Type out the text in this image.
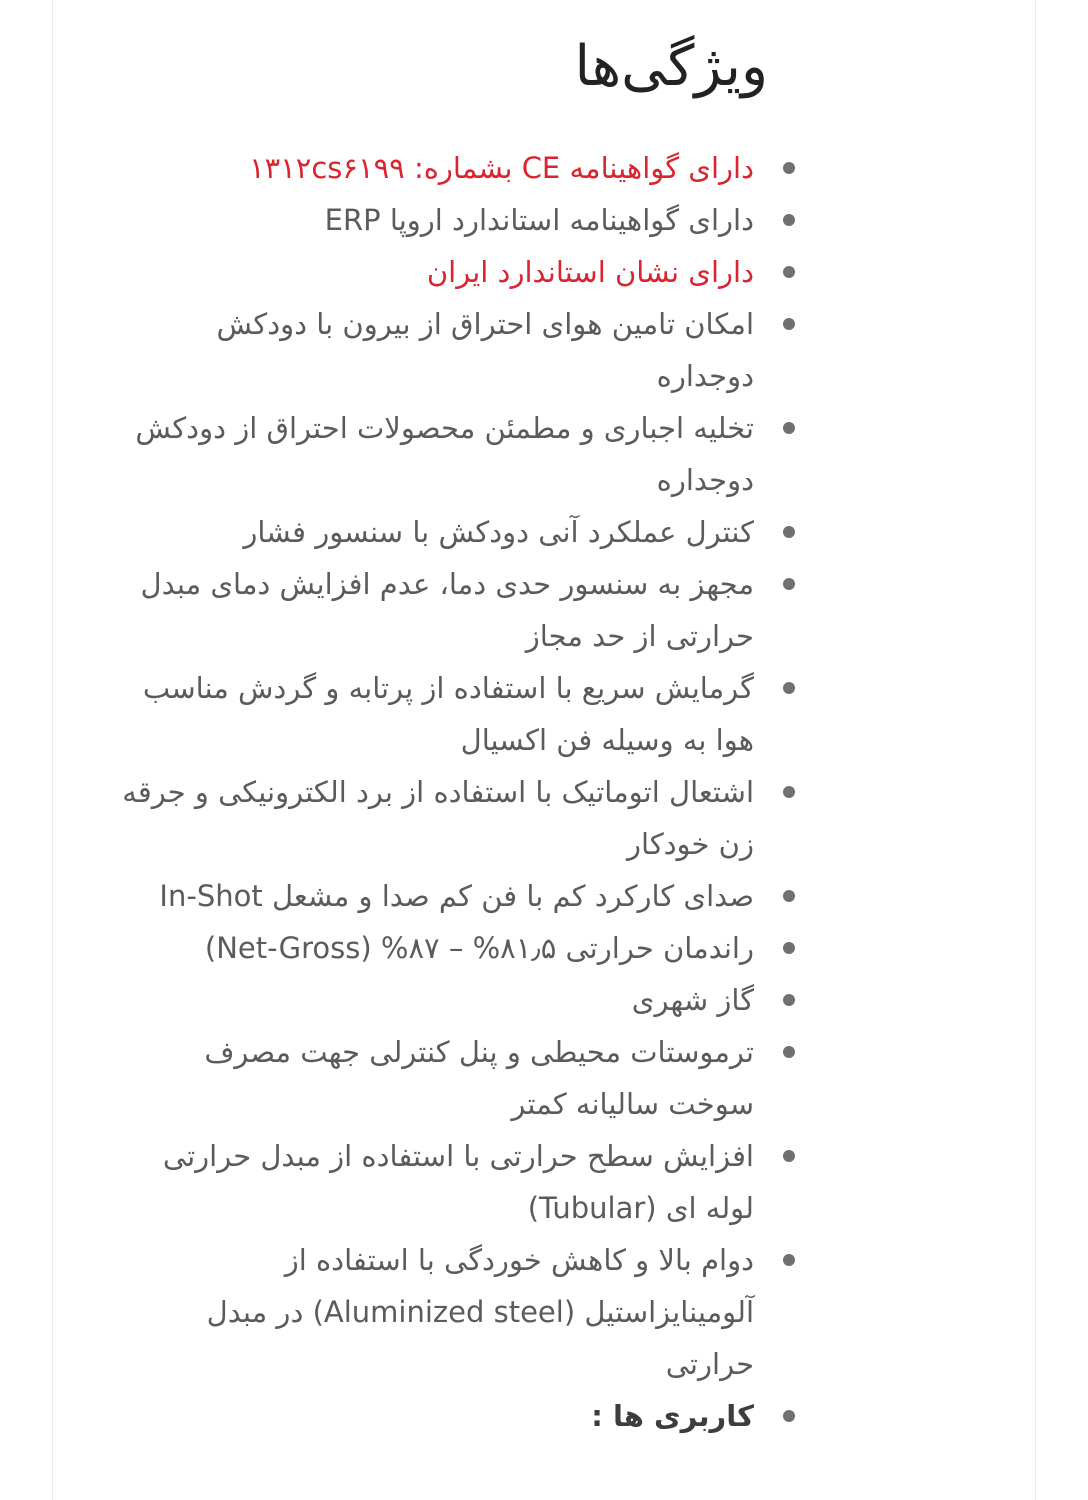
ویژگی‌ها
دارای گواهینامه CE بشماره: ۱۳۱۲cs۶۱۹۹
دارای گواهینامه استاندارد اروپا ERP
دارای نشان استاندارد ایران
امکان تامین هوای احتراق از بیرون با دودکش دوجداره
تخلیه اجباری و مطمئن محصولات احتراق از دودکش دوجداره
کنترل عملکرد آنی دودکش با سنسور فشار
مجهز به سنسور حدی دما، عدم افزایش دمای مبدل حرارتی از حد مجاز
گرمایش سریع با استفاده از پرتابه و گردش مناسب هوا به وسیله فن اکسیال
اشتعال اتوماتیک با استفاده از برد الکترونیکی و جرقه زن خودکار
صدای کارکرد کم با فن کم صدا و مشعل In-Shot
راندمان حرارتی ۸۱٫۵% – ۸۷% (Net-Gross)
گاز شهری
ترموستات محیطی و پنل کنترلی جهت مصرف سوخت سالیانه کمتر
افزایش سطح حرارتی با استفاده از مبدل حرارتی لوله ای (Tubular)
دوام بالا و کاهش خوردگی با استفاده از آلومینایزاستیل (Aluminized steel) در مبدل حرارتی
کاربری ها :
